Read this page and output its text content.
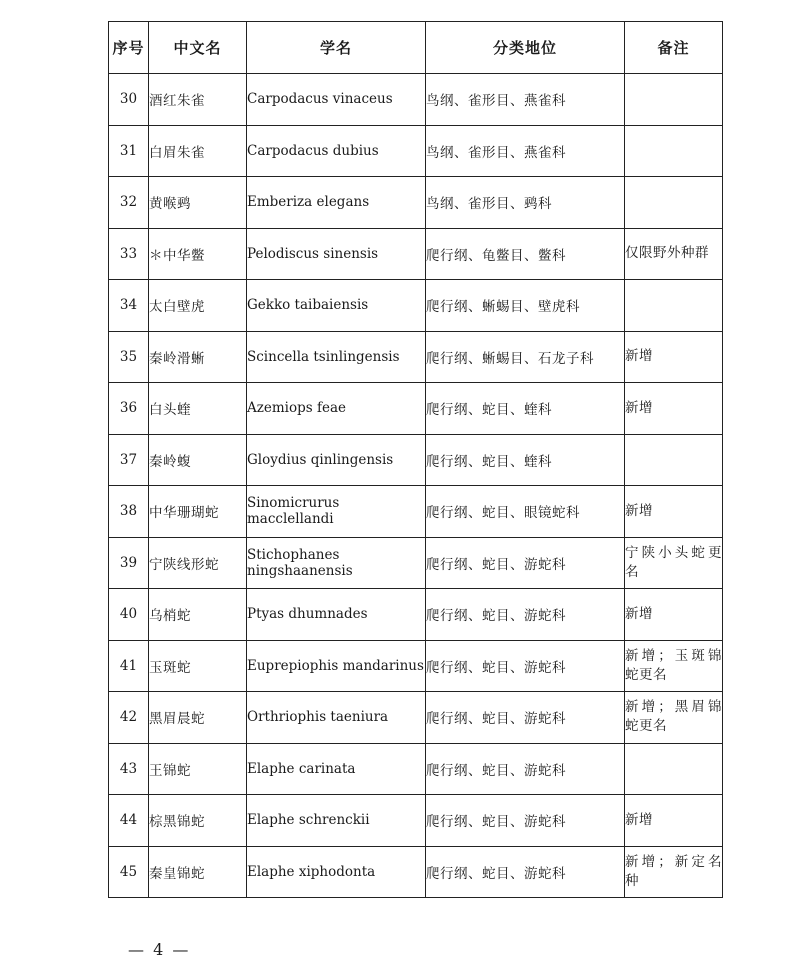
序号	中文名	学名	分类地位	备注
30	酒红朱雀	Carpodacus vinaceus	鸟纲、雀形目、燕雀科	
31	白眉朱雀	Carpodacus dubius	鸟纲、雀形目、燕雀科	
32	黄喉鹀	Emberiza elegans	鸟纲、雀形目、鹀科	
33	＊中华鳖	Pelodiscus sinensis	爬行纲、龟鳖目、鳖科	仅限野外种群
34	太白壁虎	Gekko taibaiensis	爬行纲、蜥蜴目、壁虎科	
35	秦岭滑蜥	Scincella tsinlingensis	爬行纲、蜥蜴目、石龙子科	新增
36	白头蝰	Azemiops feae	爬行纲、蛇目、蝰科	新增
37	秦岭蝮	Gloydius qinlingensis	爬行纲、蛇目、蝰科	
38	中华珊瑚蛇	Sinomicrurus macclellandi	爬行纲、蛇目、眼镜蛇科	新增
39	宁陕线形蛇	Stichophanes ningshaanensis	爬行纲、蛇目、游蛇科	宁陕小头蛇更名
40	乌梢蛇	Ptyas dhumnades	爬行纲、蛇目、游蛇科	新增
41	玉斑蛇	Euprepiophis mandarinus	爬行纲、蛇目、游蛇科	新增；玉斑锦蛇更名
42	黑眉晨蛇	Orthriophis taeniura	爬行纲、蛇目、游蛇科	新增；黑眉锦蛇更名
43	王锦蛇	Elaphe carinata	爬行纲、蛇目、游蛇科	
44	棕黑锦蛇	Elaphe schrenckii	爬行纲、蛇目、游蛇科	新增
45	秦皇锦蛇	Elaphe xiphodonta	爬行纲、蛇目、游蛇科	新增；新定名种
— 4 —
